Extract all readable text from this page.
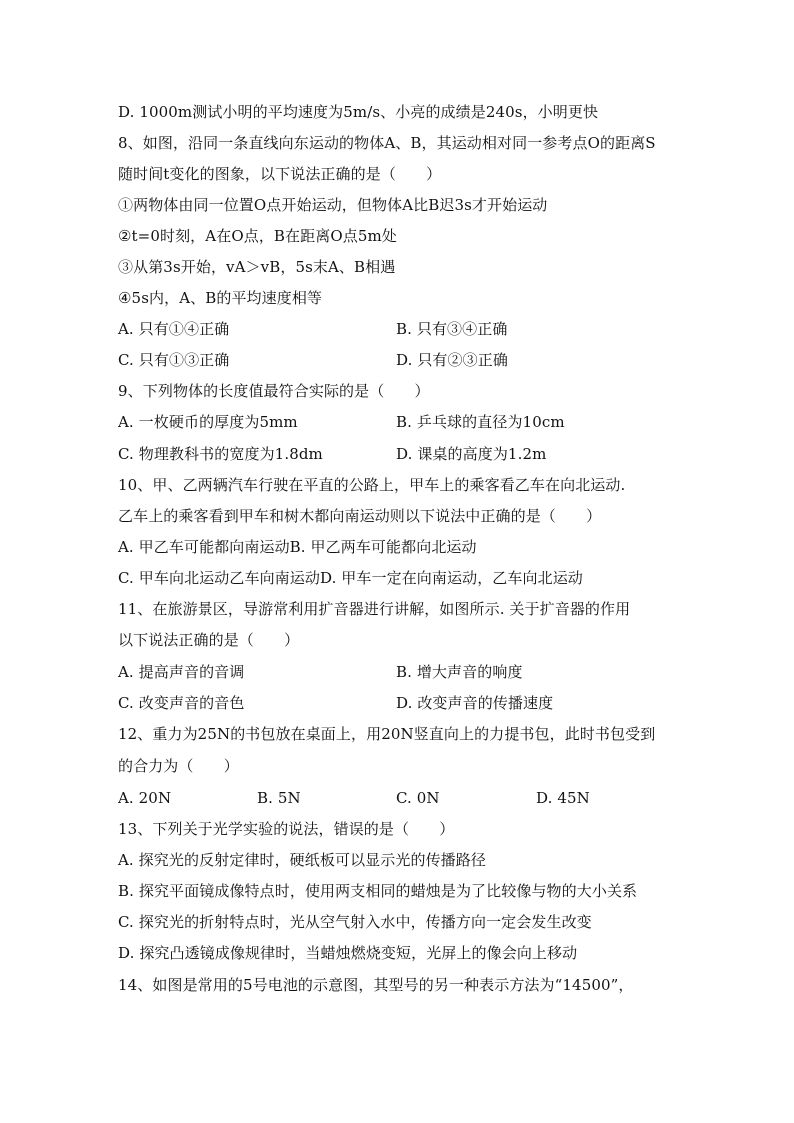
D. 1000m测试小明的平均速度为5m/s、小亮的成绩是240s，小明更快
8、如图，沿同一条直线向东运动的物体A、B，其运动相对同一参考点O的距离S
随时间t变化的图象，以下说法正确的是（　　）
①两物体由同一位置O点开始运动，但物体A比B迟3s才开始运动
②t=0时刻，A在O点，B在距离O点5m处
③从第3s开始，vA＞vB，5s末A、B相遇
④5s内，A、B的平均速度相等
A. 只有①④正确	B. 只有③④正确
C. 只有①③正确	D. 只有②③正确
9、下列物体的长度值最符合实际的是（　　）
A. 一枚硬币的厚度为5mm	B. 乒乓球的直径为10cm
C. 物理教科书的宽度为1.8dm	D. 课桌的高度为1.2m
10、甲、乙两辆汽车行驶在平直的公路上，甲车上的乘客看乙车在向北运动.
乙车上的乘客看到甲车和树木都向南运动则以下说法中正确的是（　　）
A. 甲乙车可能都向南运动B. 甲乙两车可能都向北运动
C. 甲车向北运动乙车向南运动D. 甲车一定在向南运动，乙车向北运动
11、在旅游景区，导游常利用扩音器进行讲解，如图所示. 关于扩音器的作用
以下说法正确的是（　　）
A. 提高声音的音调	B. 增大声音的响度
C. 改变声音的音色	D. 改变声音的传播速度
12、重力为25N的书包放在桌面上，用20N竖直向上的力提书包，此时书包受到
的合力为（　　）
A. 20N	B. 5N	C. 0N	D. 45N
13、下列关于光学实验的说法，错误的是（　　）
A. 探究光的反射定律时，硬纸板可以显示光的传播路径
B. 探究平面镜成像特点时，使用两支相同的蜡烛是为了比较像与物的大小关系
C. 探究光的折射特点时，光从空气射入水中，传播方向一定会发生改变
D. 探究凸透镜成像规律时，当蜡烛燃烧变短，光屏上的像会向上移动
14、如图是常用的5号电池的示意图，其型号的另一种表示方法为“14500”，
